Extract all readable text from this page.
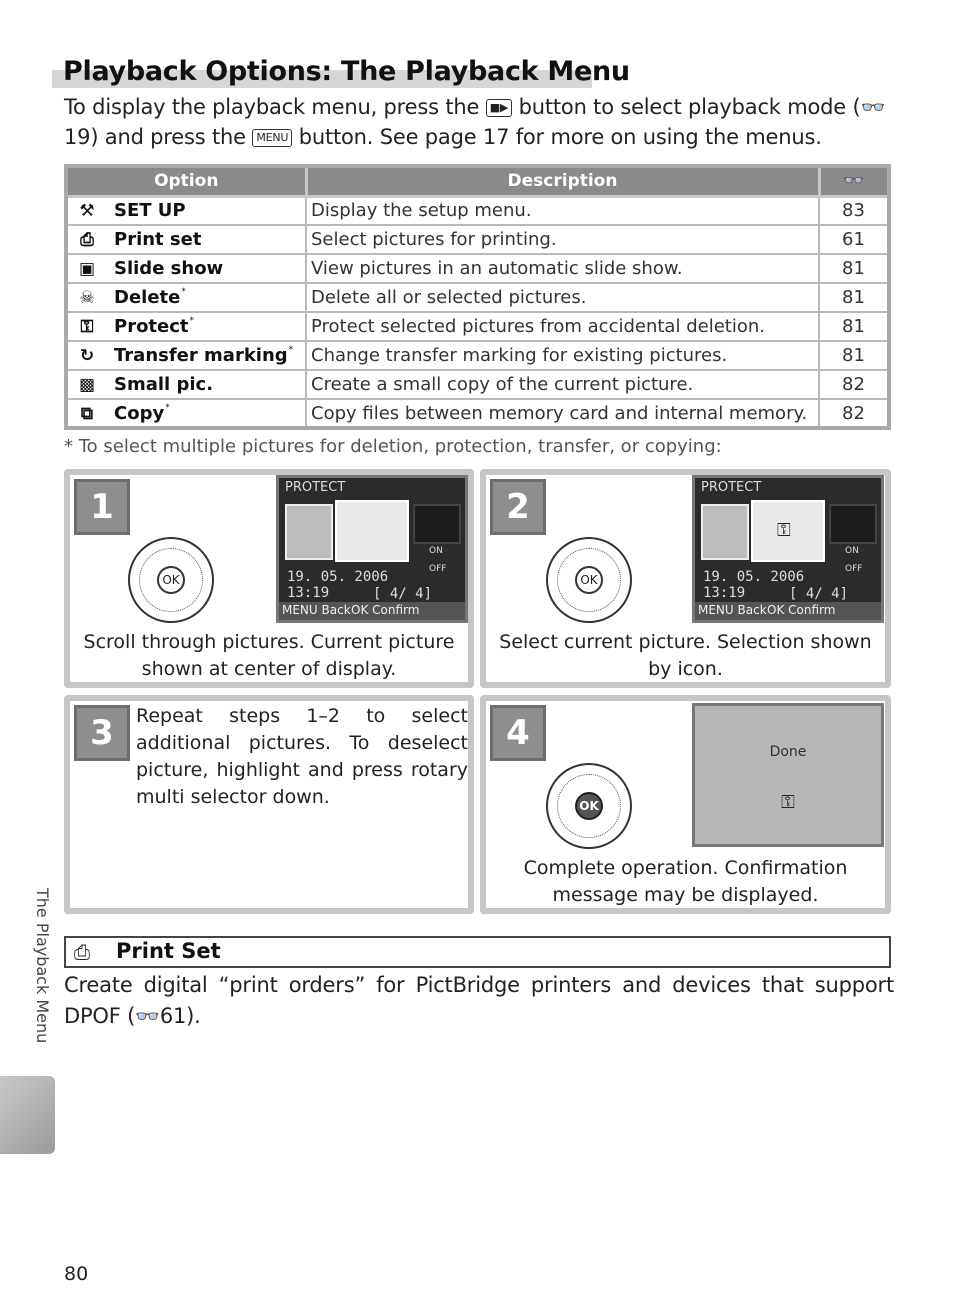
Playback Options: The Playback Menu
To display the playback menu, press the ■▶ button to select playback mode (👓 19) and press the MENU button. See page 17 for more on using the menus.
Option	Description	👓
⚒ SET UP	Display the setup menu.	83
⎙ Print set	Select pictures for printing.	61
▣ Slide show	View pictures in an automatic slide show.	81
☠ Delete*	Delete all or selected pictures.	81
⚿ Protect*	Protect selected pictures from accidental deletion.	81
↻ Transfer marking*	Change transfer marking for existing pictures.	81
▩ Small pic.	Create a small copy of the current picture.	82
⧉ Copy*	Copy files between memory card and internal memory.	82
* To select multiple pictures for deletion, protection, transfer, or copying:
1
OK
PROTECT
ON
OFF
19. 05. 2006
13:19	[ 4/ 4]
MENU Back OK Confirm
Scroll through pictures. Current picture
shown at center of display.
2
OK
PROTECT
⚿
ON
OFF
19. 05. 2006
13:19	[ 4/ 4]
MENU Back OK Confirm
Select current picture. Selection shown
by icon.
3	Repeat steps 1–2 to select additional pictures. To deselect picture, highlight and press rotary multi selector down.
4
OK
Done
⚿
Complete operation. Confirmation
message may be displayed.
⎙ Print Set
Create digital “print orders” for PictBridge printers and devices that support DPOF (👓61).
The Playback Menu
80
